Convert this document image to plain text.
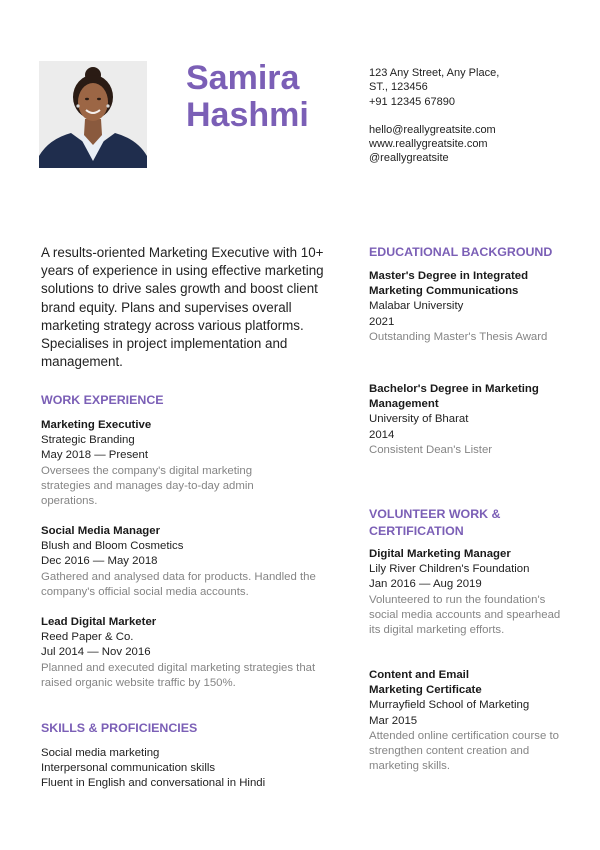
Samira
Hashmi
123 Any Street, Any Place,
ST., 123456
+91 12345 67890
hello@reallygreatsite.com
www.reallygreatsite.com
@reallygreatsite

A results-oriented Marketing Executive with 10+ years of experience in using effective marketing solutions to drive sales growth and boost client brand equity. Plans and supervises overall marketing strategy across various platforms. Specialises in project implementation and management.

WORK EXPERIENCE
Marketing Executive
Strategic Branding
May 2018 — Present
Oversees the company's digital marketing strategies and manages day-to-day admin operations.
Social Media Manager
Blush and Bloom Cosmetics
Dec 2016 — May 2018
Gathered and analysed data for products. Handled the company's official social media accounts.
Lead Digital Marketer
Reed Paper & Co.
Jul 2014 — Nov 2016
Planned and executed digital marketing strategies that raised organic website traffic by 150%.
SKILLS & PROFICIENCIES
Social media marketing
Interpersonal communication skills
Fluent in English and conversational in Hindi
EDUCATIONAL BACKGROUND
Master's Degree in Integrated Marketing Communications
Malabar University
2021
Outstanding Master's Thesis Award
Bachelor's Degree in Marketing Management
University of Bharat
2014
Consistent Dean's Lister
VOLUNTEER WORK &
CERTIFICATION
Digital Marketing Manager
Lily River Children's Foundation
Jan 2016 — Aug 2019
Volunteered to run the foundation's social media accounts and spearhead its digital marketing efforts.
Content and Email
Marketing Certificate
Murrayfield School of Marketing
Mar 2015
Attended online certification course to strengthen content creation and marketing skills.
